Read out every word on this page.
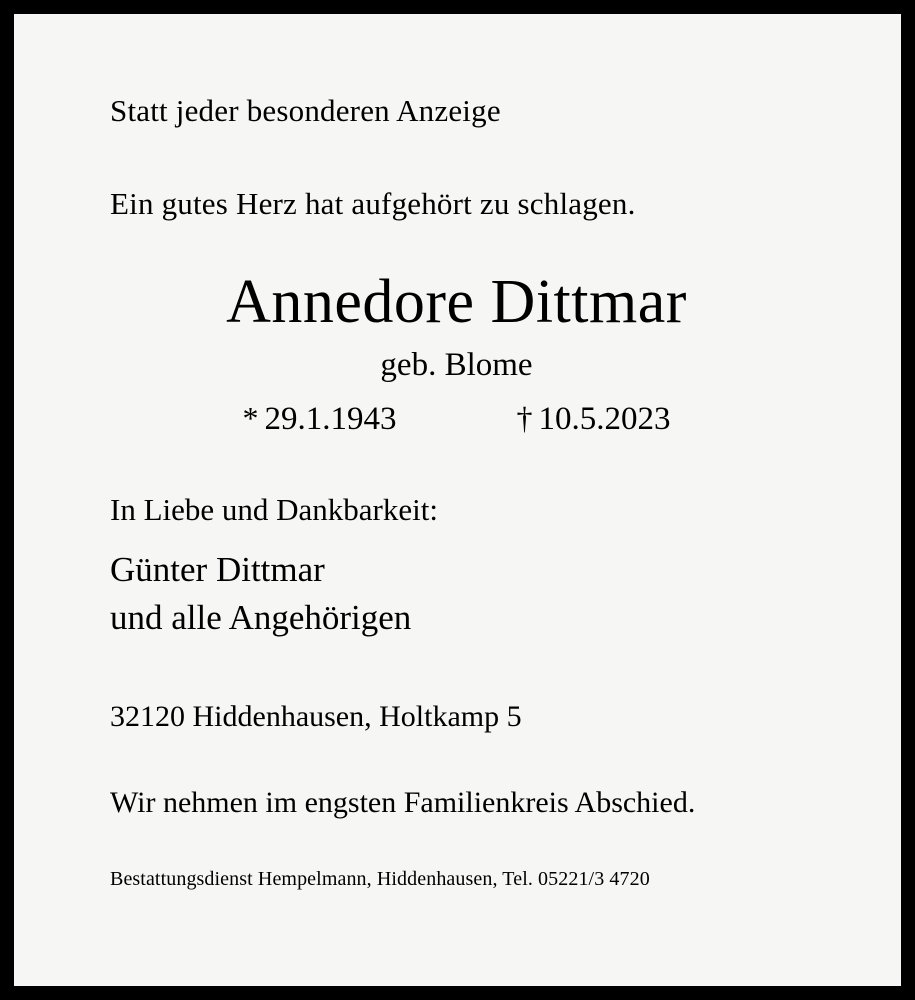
Statt jeder besonderen Anzeige
Ein gutes Herz hat aufgehört zu schlagen.
Annedore Dittmar
geb. Blome
* 29.1.1943	† 10.5.2023
In Liebe und Dankbarkeit:
Günter Dittmar
und alle Angehörigen
32120 Hiddenhausen, Holtkamp 5
Wir nehmen im engsten Familienkreis Abschied.
Bestattungsdienst Hempelmann, Hiddenhausen, Tel. 05221/3 4720
